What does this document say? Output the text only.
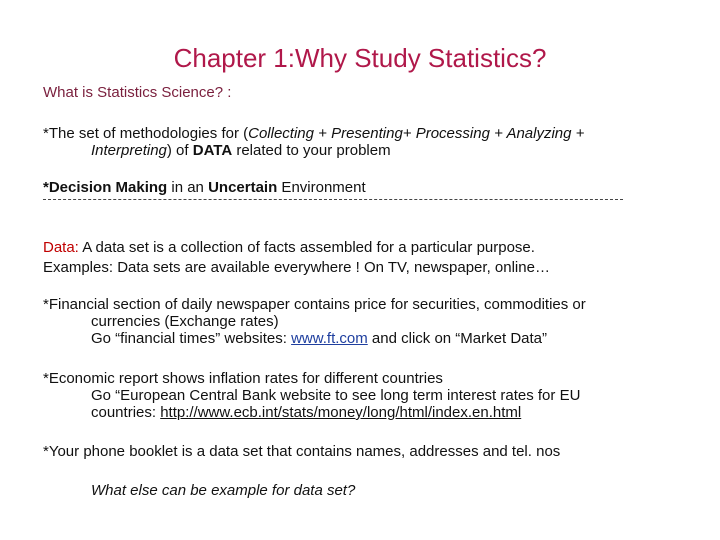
Chapter 1:Why Study Statistics?
What is Statistics Science? :
*The set of methodologies for (Collecting + Presenting+ Processing + Analyzing +
Interpreting) of DATA related to your problem
*Decision Making in an Uncertain Environment
Data: A data set is a collection of facts assembled for a particular purpose.
Examples: Data sets are available everywhere ! On TV, newspaper, online…
*Financial section of daily newspaper contains price for securities, commodities or
currencies (Exchange rates)
Go “financial times” websites: www.ft.com and click on “Market Data”
*Economic report shows inflation rates for different countries
Go “European Central Bank website to see long term interest rates for EU
countries: http://www.ecb.int/stats/money/long/html/index.en.html
*Your phone booklet is a data set that contains names, addresses and tel. nos
What else can be example for data set?
